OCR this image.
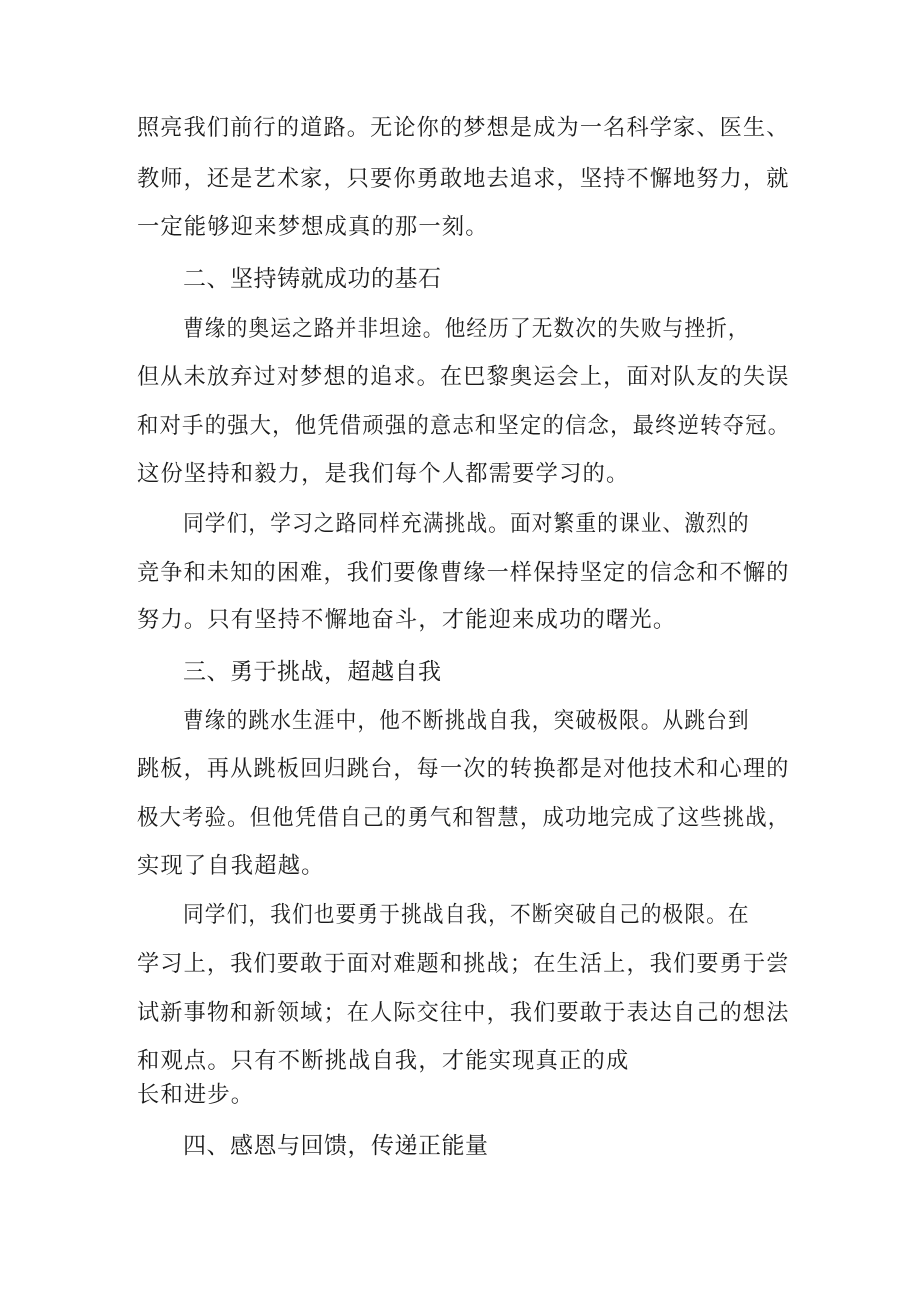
照亮我们前行的道路。无论你的梦想是成为一名科学家、医生、
教师，还是艺术家，只要你勇敢地去追求，坚持不懈地努力，就
一定能够迎来梦想成真的那一刻。
二、坚持铸就成功的基石
曹缘的奥运之路并非坦途。他经历了无数次的失败与挫折，
但从未放弃过对梦想的追求。在巴黎奥运会上，面对队友的失误
和对手的强大，他凭借顽强的意志和坚定的信念，最终逆转夺冠。
这份坚持和毅力，是我们每个人都需要学习的。
同学们，学习之路同样充满挑战。面对繁重的课业、激烈的
竞争和未知的困难，我们要像曹缘一样保持坚定的信念和不懈的
努力。只有坚持不懈地奋斗，才能迎来成功的曙光。
三、勇于挑战，超越自我
曹缘的跳水生涯中，他不断挑战自我，突破极限。从跳台到
跳板，再从跳板回归跳台，每一次的转换都是对他技术和心理的
极大考验。但他凭借自己的勇气和智慧，成功地完成了这些挑战，
实现了自我超越。
同学们，我们也要勇于挑战自我，不断突破自己的极限。在
学习上，我们要敢于面对难题和挑战；在生活上，我们要勇于尝
试新事物和新领域；在人际交往中，我们要敢于表达自己的想法
和观点。只有不断挑战自我，才能实现真正的成
长和进步。
四、感恩与回馈，传递正能量
